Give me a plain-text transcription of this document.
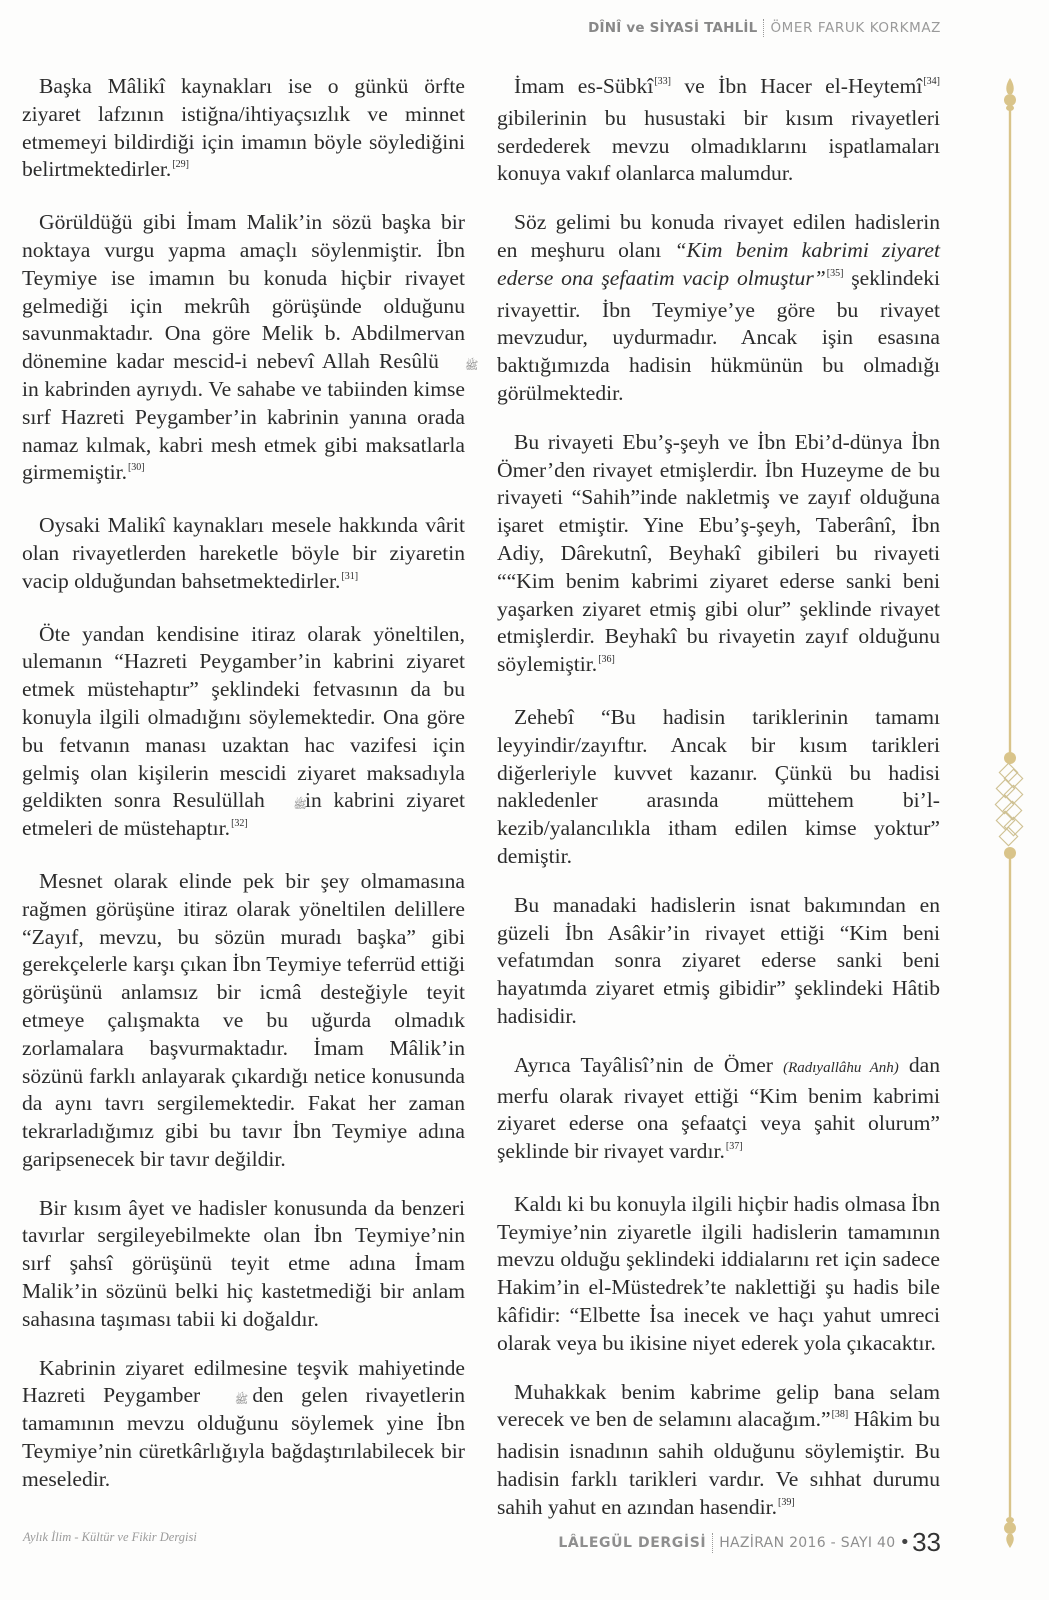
DÎNÎ ve SİYASİ TAHLİL ÖMER FARUK KORKMAZ

Başka Mâlikî kaynakları ise o günkü örfte ziyaret lafzının istiğna/ihtiyaçsızlık ve minnet etmemeyi bildirdiği için imamın böyle söylediğini belirtmektedirler.[29]

Görüldüğü gibi İmam Malik’in sözü başka bir noktaya vurgu yapma amaçlı söylenmiştir. İbn Teymiye ise imamın bu konuda hiçbir rivayet gelmediği için mekrûh görüşünde olduğunu savunmaktadır. Ona göre Melik b. Abdilmervan dönemine kadar mescid-i nebevî Allah Resûlü ﷺ in kabrinden ayrıydı. Ve sahabe ve tabiinden kimse sırf Hazreti Peygamber’in kabrinin yanına orada namaz kılmak, kabri mesh etmek gibi maksatlarla girmemiştir.[30]

Oysaki Malikî kaynakları mesele hakkında vârit olan rivayetlerden hareketle böyle bir ziyaretin vacip olduğundan bahsetmektedirler.[31]

Öte yandan kendisine itiraz olarak yöneltilen, ulemanın “Hazreti Peygamber’in kabrini ziyaret etmek müstehaptır” şeklindeki fetvasının da bu konuyla ilgili olmadığını söylemektedir. Ona göre bu fetvanın manası uzaktan hac vazifesi için gelmiş olan kişilerin mescidi ziyaret maksadıyla geldikten sonra Resulüllah	ﷺ in kabrini ziyaret etmeleri de müstehaptır.[32]

Mesnet olarak elinde pek bir şey olmamasına rağmen görüşüne itiraz olarak yöneltilen delillere “Zayıf, mevzu, bu sözün muradı başka” gibi gerekçelerle karşı çıkan İbn Teymiye teferrüd ettiği görüşünü anlamsız bir icmâ desteğiyle teyit etmeye çalışmakta ve bu uğurda olmadık zorlamalara başvurmaktadır. İmam Mâlik’in sözünü farklı anlayarak çıkardığı netice konusunda da aynı tavrı sergilemektedir. Fakat her zaman tekrarladığımız gibi bu tavır İbn Teymiye adına garipsenecek bir tavır değildir.

Bir kısım âyet ve hadisler konusunda da benzeri tavırlar sergileyebilmekte olan İbn Teymiye’nin sırf şahsî görüşünü teyit etme adına İmam Malik’in sözünü belki hiç kastetmediği bir anlam sahasına taşıması tabii ki doğaldır.

Kabrinin ziyaret edilmesine teşvik mahiyetinde Hazreti Peygamber	ﷺ den gelen rivayetlerin tamamının mevzu olduğunu söylemek yine İbn Teymiye’nin cüretkârlığıyla bağdaştırılabilecek bir meseledir.

İmam es-Sübkî[33] ve İbn Hacer el-Heytemî[34] gibilerinin bu husustaki bir kısım rivayetleri serdederek mevzu olmadıklarını ispatlamaları konuya vakıf olanlarca malumdur.

Söz gelimi bu konuda rivayet edilen hadislerin en meşhuru olanı “Kim benim kabrimi ziyaret ederse ona şefaatim vacip olmuştur”[35] şeklindeki rivayettir. İbn Teymiye’ye göre bu rivayet mevzudur, uydurmadır. Ancak işin esasına baktığımızda hadisin hükmünün bu olmadığı görülmektedir.

Bu rivayeti Ebu’ş-şeyh ve İbn Ebi’d-dünya İbn Ömer’den rivayet etmişlerdir. İbn Huzeyme de bu rivayeti “Sahih”inde nakletmiş ve zayıf olduğuna işaret etmiştir. Yine Ebu’ş-şeyh, Taberânî, İbn Adiy, Dârekutnî, Beyhakî gibileri bu rivayeti ““Kim benim kabrimi ziyaret ederse sanki beni yaşarken ziyaret etmiş gibi olur” şeklinde rivayet etmişlerdir. Beyhakî bu rivayetin zayıf olduğunu söylemiştir.[36]

Zehebî “Bu hadisin tariklerinin tamamı leyyindir/zayıftır. Ancak bir kısım tarikleri diğerleriyle kuvvet kazanır. Çünkü bu hadisi nakledenler arasında müttehem bi’l-kezib/yalancılıkla itham edilen kimse yoktur” demiştir.

Bu manadaki hadislerin isnat bakımından en güzeli İbn Asâkir’in rivayet ettiği “Kim beni vefatımdan sonra ziyaret ederse sanki beni hayatımda ziyaret etmiş gibidir” şeklindeki Hâtib hadisidir.

Ayrıca Tayâlisî’nin de Ömer (Radıyallâhu Anh) dan merfu olarak rivayet ettiği “Kim benim kabrimi ziyaret ederse ona şefaatçi veya şahit olurum” şeklinde bir rivayet vardır.[37]

Kaldı ki bu konuyla ilgili hiçbir hadis olmasa İbn Teymiye’nin ziyaretle ilgili hadislerin tamamının mevzu olduğu şeklindeki iddialarını ret için sadece Hakim’in el-Müstedrek’te naklettiği şu hadis bile kâfidir: “Elbette İsa inecek ve haçı yahut umreci olarak veya bu ikisine niyet ederek yola çıkacaktır.

Muhakkak benim kabrime gelip bana selam verecek ve ben de selamını alacağım.”[38] Hâkim bu hadisin isnadının sahih olduğunu söylemiştir. Bu hadisin farklı tarikleri vardır. Ve sıhhat durumu sahih yahut en azından hasendir.[39]

Aylık İlim - Kültür ve Fikir Dergisi	LÂLEGÜL DERGİSİ HAZİRAN 2016 - SAYI 40 • 33
